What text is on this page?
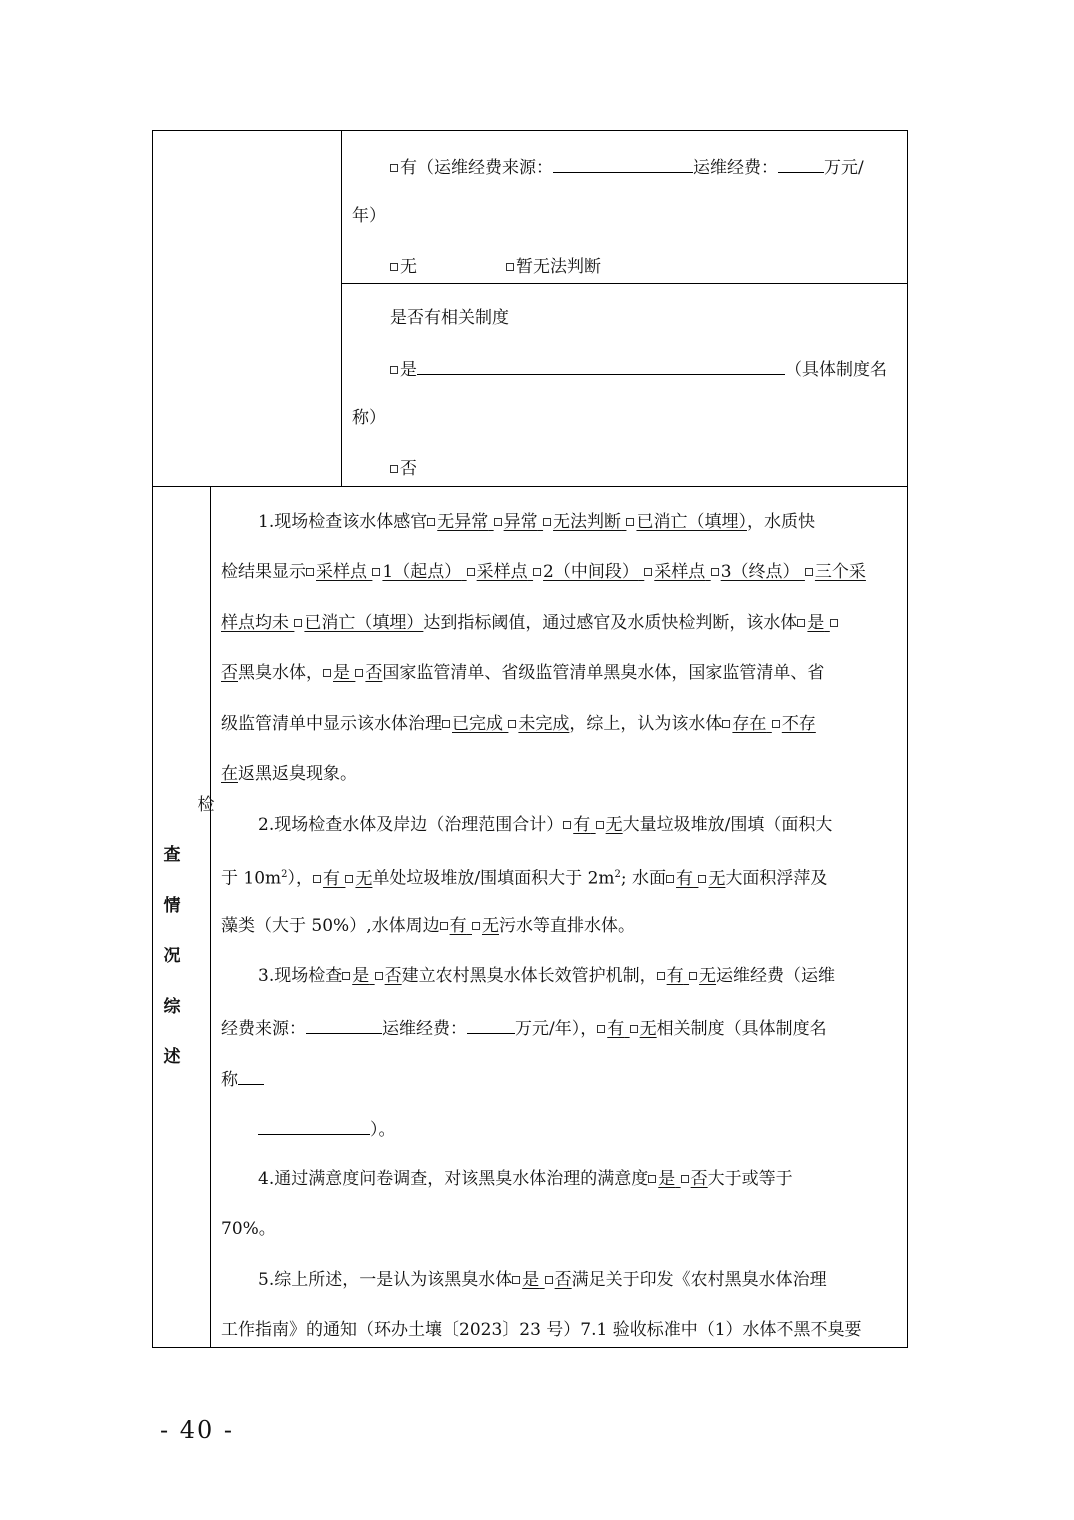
有（运维经费来源：	运维经费：	万元/
年）
无	暂无法判断
是否有相关制度
是	（具体制度名
称）
否
检
查
情
况
综
述
1.现场检查该水体感官 无异常 异常 无法判断 已消亡（填埋），水质快
检结果显示 采样点 1（起点） 采样点 2（中间段） 采样点 3（终点） 三个采
样点均未 已消亡（填埋）达到指标阈值，通过感官及水质快检判断，该水体 是
否黑臭水体， 是 否国家监管清单、省级监管清单黑臭水体，国家监管清单、省
级监管清单中显示该水体治理 已完成 未完成，综上，认为该水体 存在 不存
在返黑返臭现象。
2.现场检查水体及岸边（治理范围合计） 有 无大量垃圾堆放/围填（面积大
于 $10m^2$）， 有 无单处垃圾堆放/围填面积大于 $2m^2$; 水面 有 无大面积浮萍及
藻类（大于 50%）,水体周边 有 无污水等直排水体。
3.现场检查 是 否建立农村黑臭水体长效管护机制， 有 无运维经费（运维
经费来源：	运维经费：	万元/年）， 有 无相关制度（具体制度名
称
）。
4.通过满意度问卷调查，对该黑臭水体治理的满意度 是 否大于或等于
70%。
5.综上所述，一是认为该黑臭水体 是 否满足关于印发《农村黑臭水体治理
工作指南》的通知（环办土壤〔2023〕23 号）7.1 验收标准中（1）水体不黑不臭要
- 40 -
